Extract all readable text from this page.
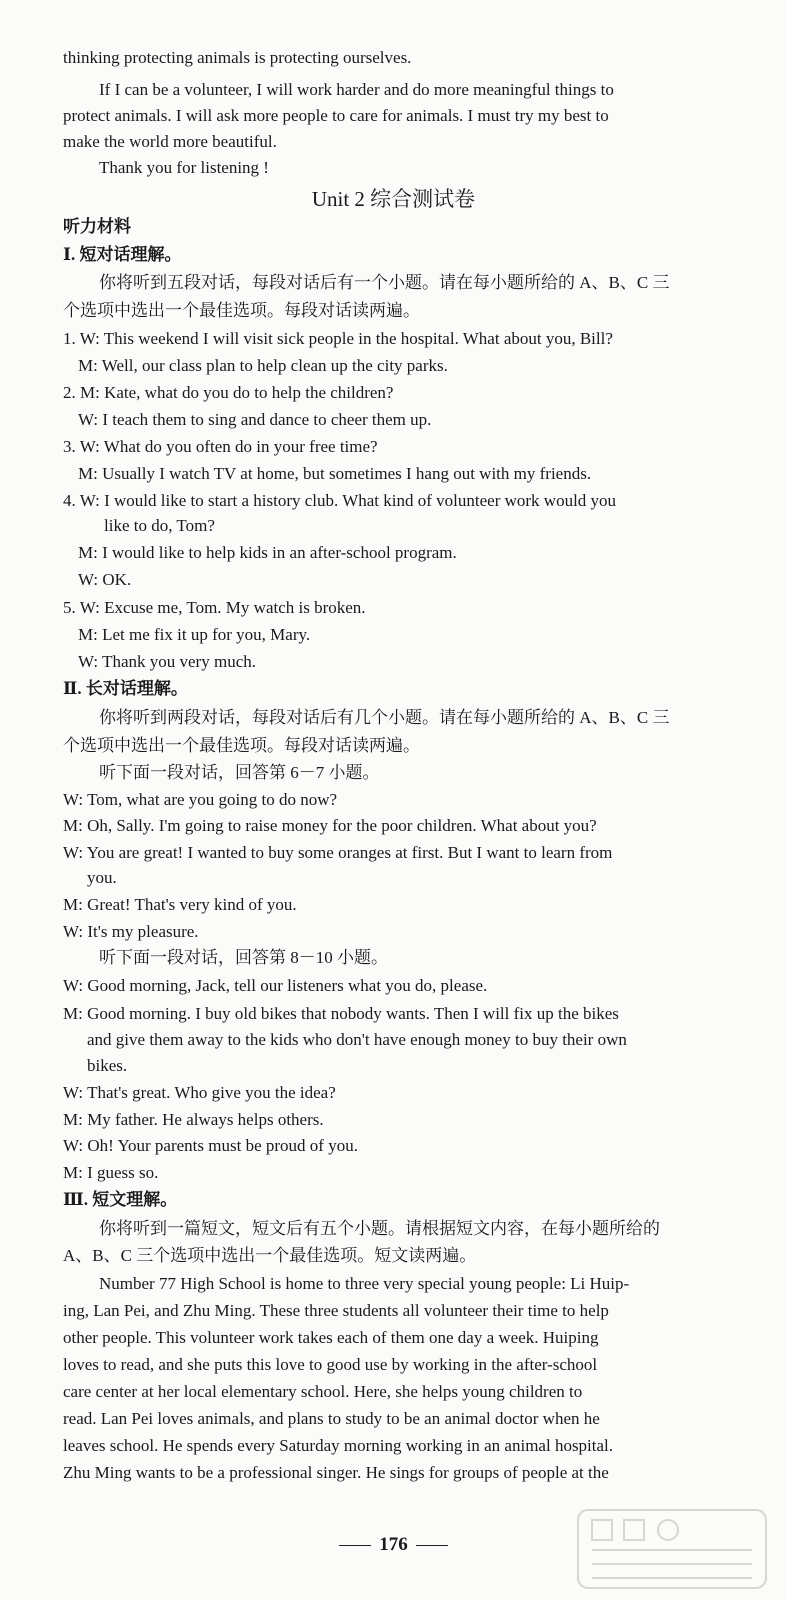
thinking protecting animals is protecting ourselves.
If I can be a volunteer, I will work harder and do more meaningful things to
protect animals. I will ask more people to care for animals. I must try my best to
make the world more beautiful.
Thank you for listening !
Unit 2 综合测试卷
听力材料
Ⅰ. 短对话理解。
你将听到五段对话，每段对话后有一个小题。请在每小题所给的 A、B、C 三
个选项中选出一个最佳选项。每段对话读两遍。
1. W: This weekend I will visit sick people in the hospital. What about you, Bill?
M: Well, our class plan to help clean up the city parks.
2. M: Kate, what do you do to help the children?
W: I teach them to sing and dance to cheer them up.
3. W: What do you often do in your free time?
M: Usually I watch TV at home, but sometimes I hang out with my friends.
4. W: I would like to start a history club. What kind of volunteer work would you
like to do, Tom?
M: I would like to help kids in an after-school program.
W: OK.
5. W: Excuse me, Tom. My watch is broken.
M: Let me fix it up for you, Mary.
W: Thank you very much.
Ⅱ. 长对话理解。
你将听到两段对话，每段对话后有几个小题。请在每小题所给的 A、B、C 三
个选项中选出一个最佳选项。每段对话读两遍。
听下面一段对话，回答第 6－7 小题。
W: Tom, what are you going to do now?
M: Oh, Sally. I'm going to raise money for the poor children. What about you?
W: You are great! I wanted to buy some oranges at first. But I want to learn from
you.
M: Great! That's very kind of you.
W: It's my pleasure.
听下面一段对话，回答第 8－10 小题。
W: Good morning, Jack, tell our listeners what you do, please.
M: Good morning. I buy old bikes that nobody wants. Then I will fix up the bikes
and give them away to the kids who don't have enough money to buy their own
bikes.
W: That's great. Who give you the idea?
M: My father. He always helps others.
W: Oh! Your parents must be proud of you.
M: I guess so.
Ⅲ. 短文理解。
你将听到一篇短文，短文后有五个小题。请根据短文内容，在每小题所给的
A、B、C 三个选项中选出一个最佳选项。短文读两遍。
Number 77 High School is home to three very special young people: Li Huip-
ing, Lan Pei, and Zhu Ming. These three students all volunteer their time to help
other people. This volunteer work takes each of them one day a week. Huiping
loves to read, and she puts this love to good use by working in the after-school
care center at her local elementary school. Here, she helps young children to
read. Lan Pei loves animals, and plans to study to be an animal doctor when he
leaves school. He spends every Saturday morning working in an animal hospital.
Zhu Ming wants to be a professional singer. He sings for groups of people at the
176
